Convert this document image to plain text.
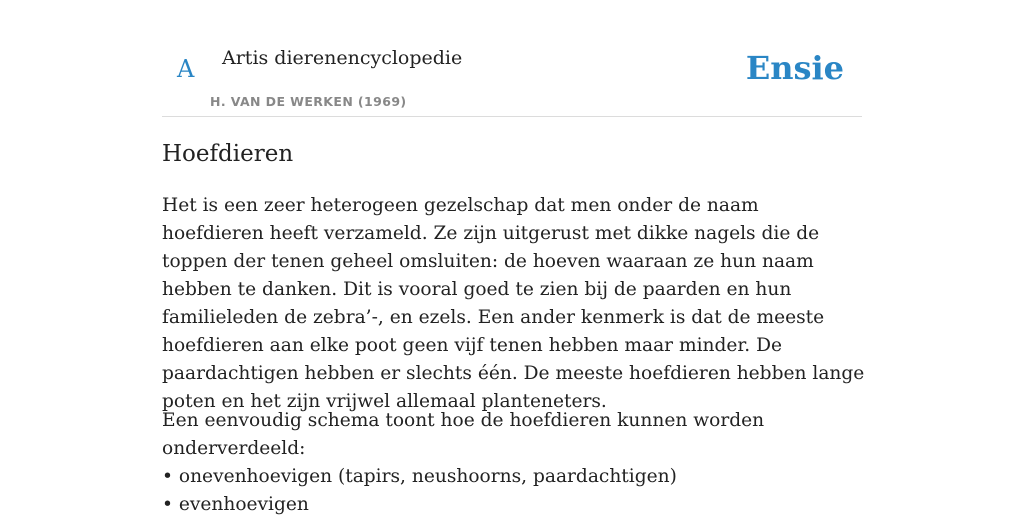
A Artis dierenencyclopedie
H. VAN DE WERKEN (1969)
Ensie
Hoefdieren

Het is een zeer heterogeen gezelschap dat men onder de naam hoefdieren heeft verzameld. Ze zijn uitgerust met dikke nagels die de toppen der tenen geheel omsluiten: de hoeven waaraan ze hun naam hebben te danken. Dit is vooral goed te zien bij de paarden en hun familieleden de zebra’-, en ezels. Een ander kenmerk is dat de meeste hoefdieren aan elke poot geen vijf tenen hebben maar minder. De paardachtigen hebben er slechts één. De meeste hoefdieren hebben lange poten en het zijn vrijwel allemaal planteneters.

Een eenvoudig schema toont hoe de hoefdieren kunnen worden onderverdeeld:

• onevenhoevigen (tapirs, neushoorns, paardachtigen)
• evenhoevigen
